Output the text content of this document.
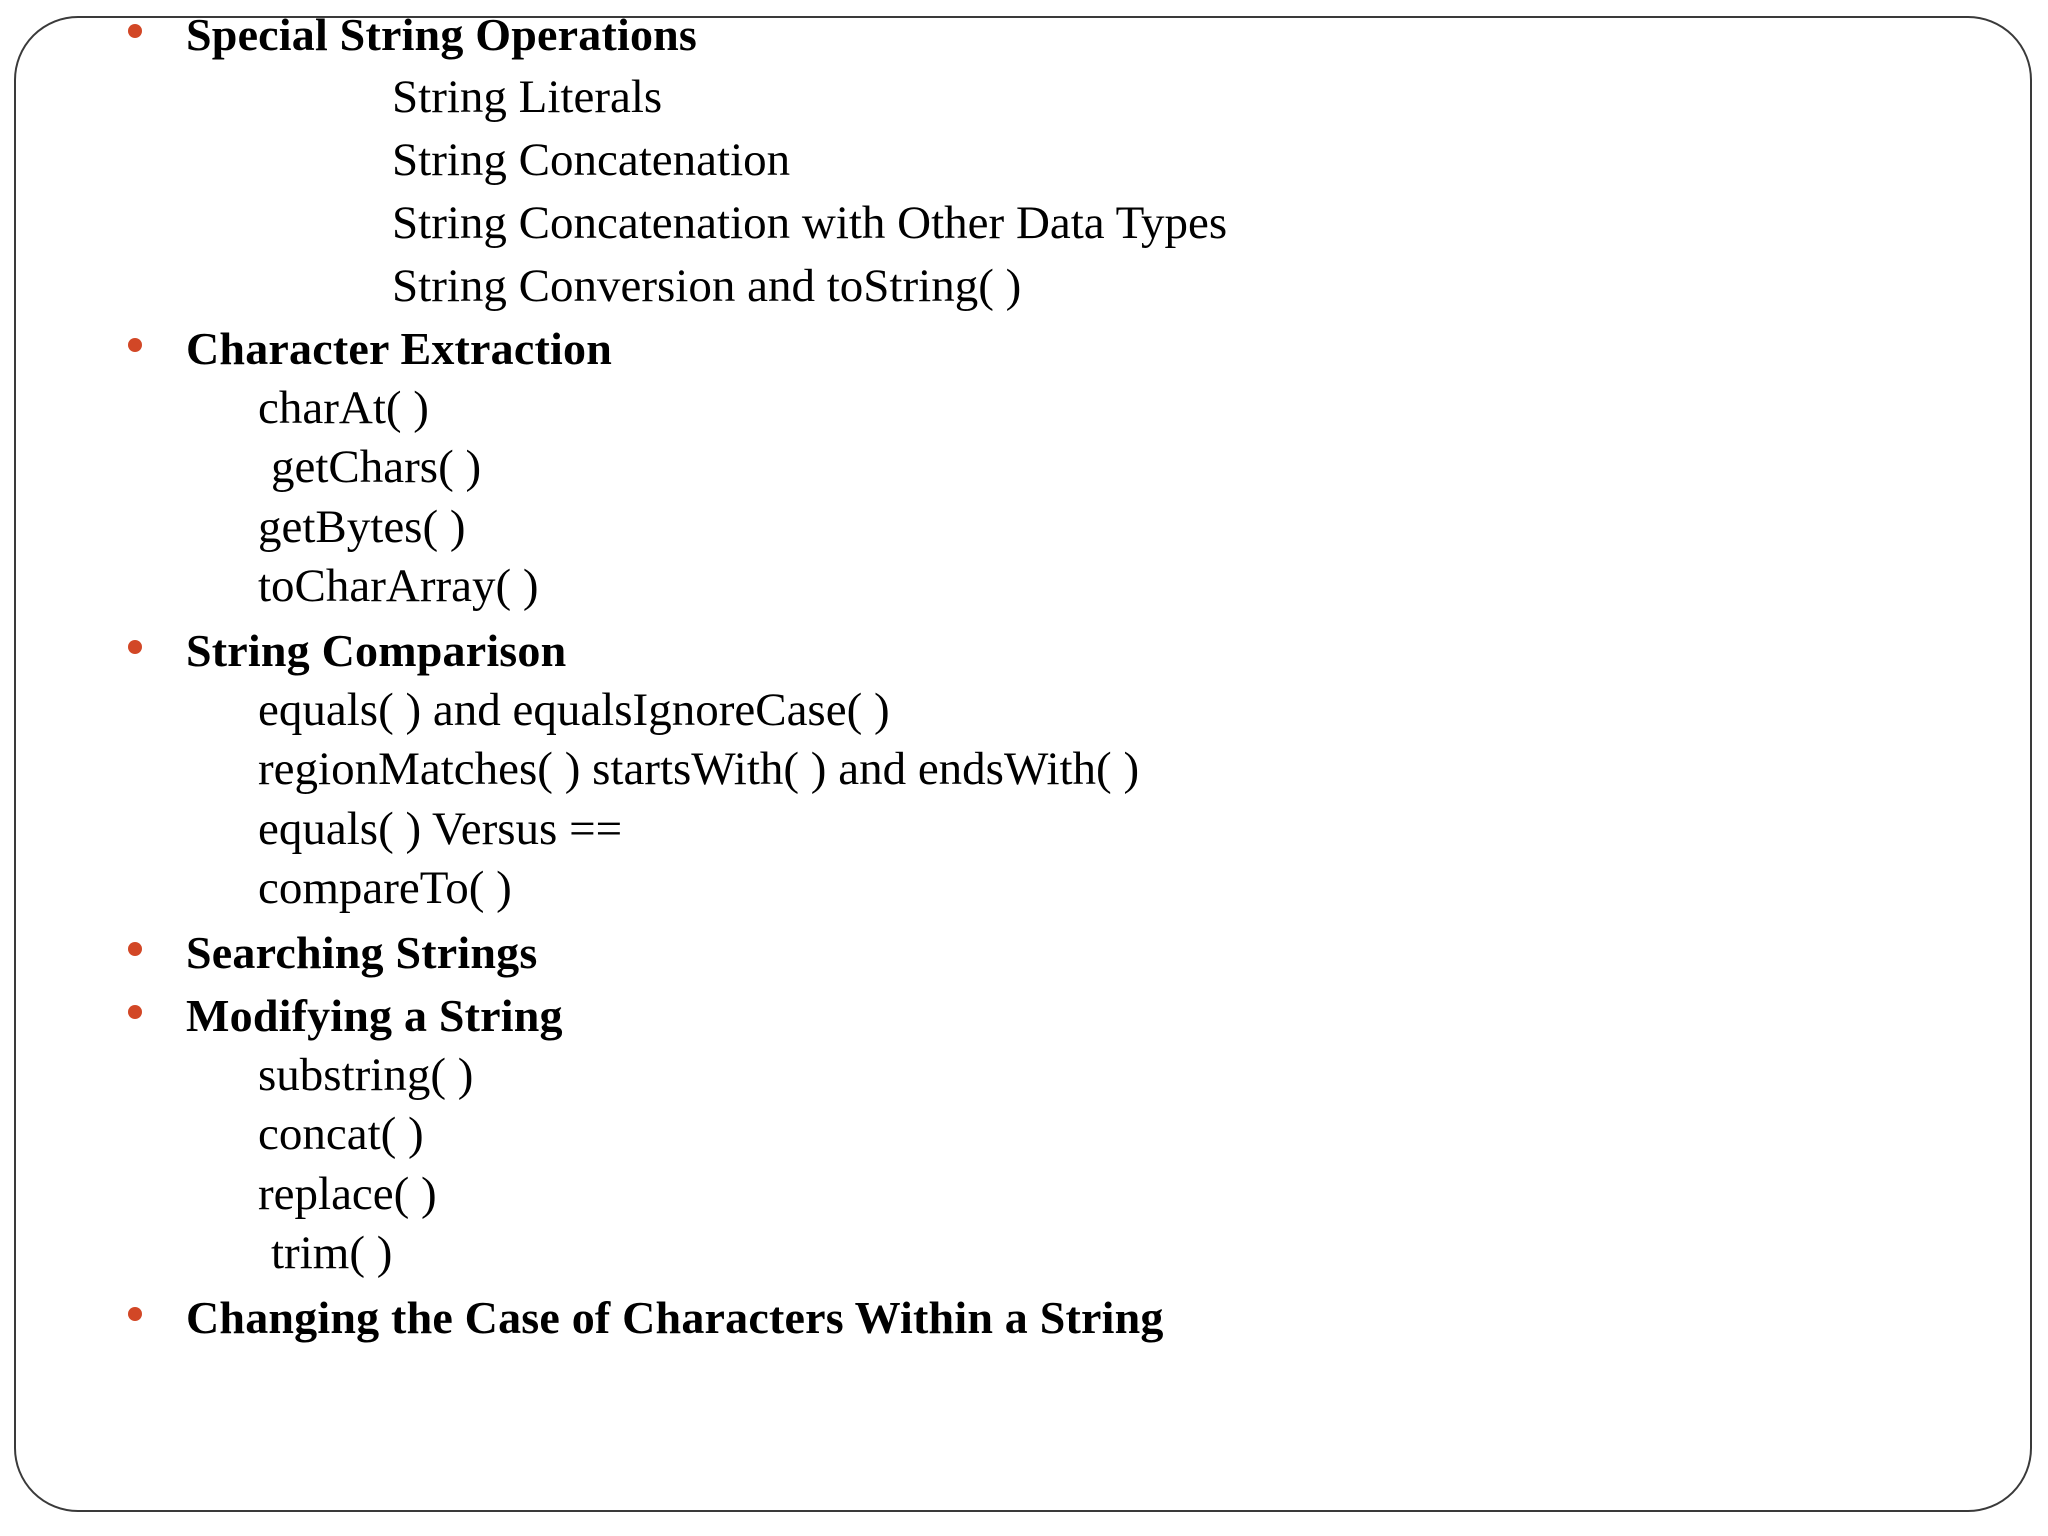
Special String Operations
String Literals
String Concatenation
String Concatenation with Other Data Types
String Conversion and toString( )
Character Extraction
charAt( )
getChars( )
getBytes( )
toCharArray( )
String Comparison
equals( ) and equalsIgnoreCase( )
regionMatches( ) startsWith( ) and endsWith( )
equals( ) Versus ==
compareTo( )
Searching Strings
Modifying a String
substring( )
concat( )
replace( )
trim( )
Changing the Case of Characters Within a String
